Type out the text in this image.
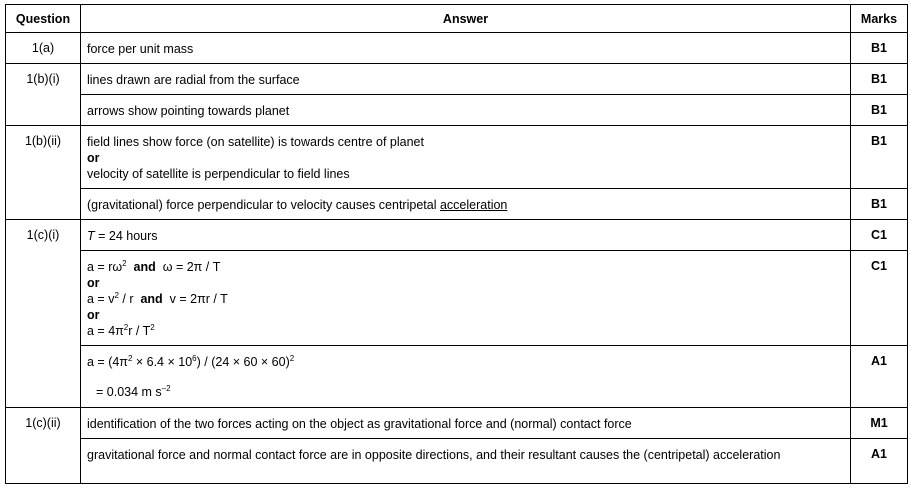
Question	Answer	Marks
1(a)	force per unit mass	B1
1(b)(i)	lines drawn are radial from the surface	B1
	arrows show pointing towards planet	B1
1(b)(ii)	field lines show force (on satellite) is towards centre of planet
or
velocity of satellite is perpendicular to field lines	B1
	(gravitational) force perpendicular to velocity causes centripetal acceleration	B1
1(c)(i)	T = 24 hours	C1

	$a = r\omega^2$ and ω = 2π / T
or
$a = v^2 / r$ and v = 2πr / T
or
$a = 4\pi^2r / T^2$	C1

	$a = (4\pi^2 \times 6.4 \times 10^6) / (24 \times 60 \times 60)^2$
= 0.034 m $s^{-2}$	A1
1(c)(ii)	identification of the two forces acting on the object as gravitational force and (normal) contact force	M1
	gravitational force and normal contact force are in opposite directions, and their resultant causes the (centripetal) acceleration	A1
